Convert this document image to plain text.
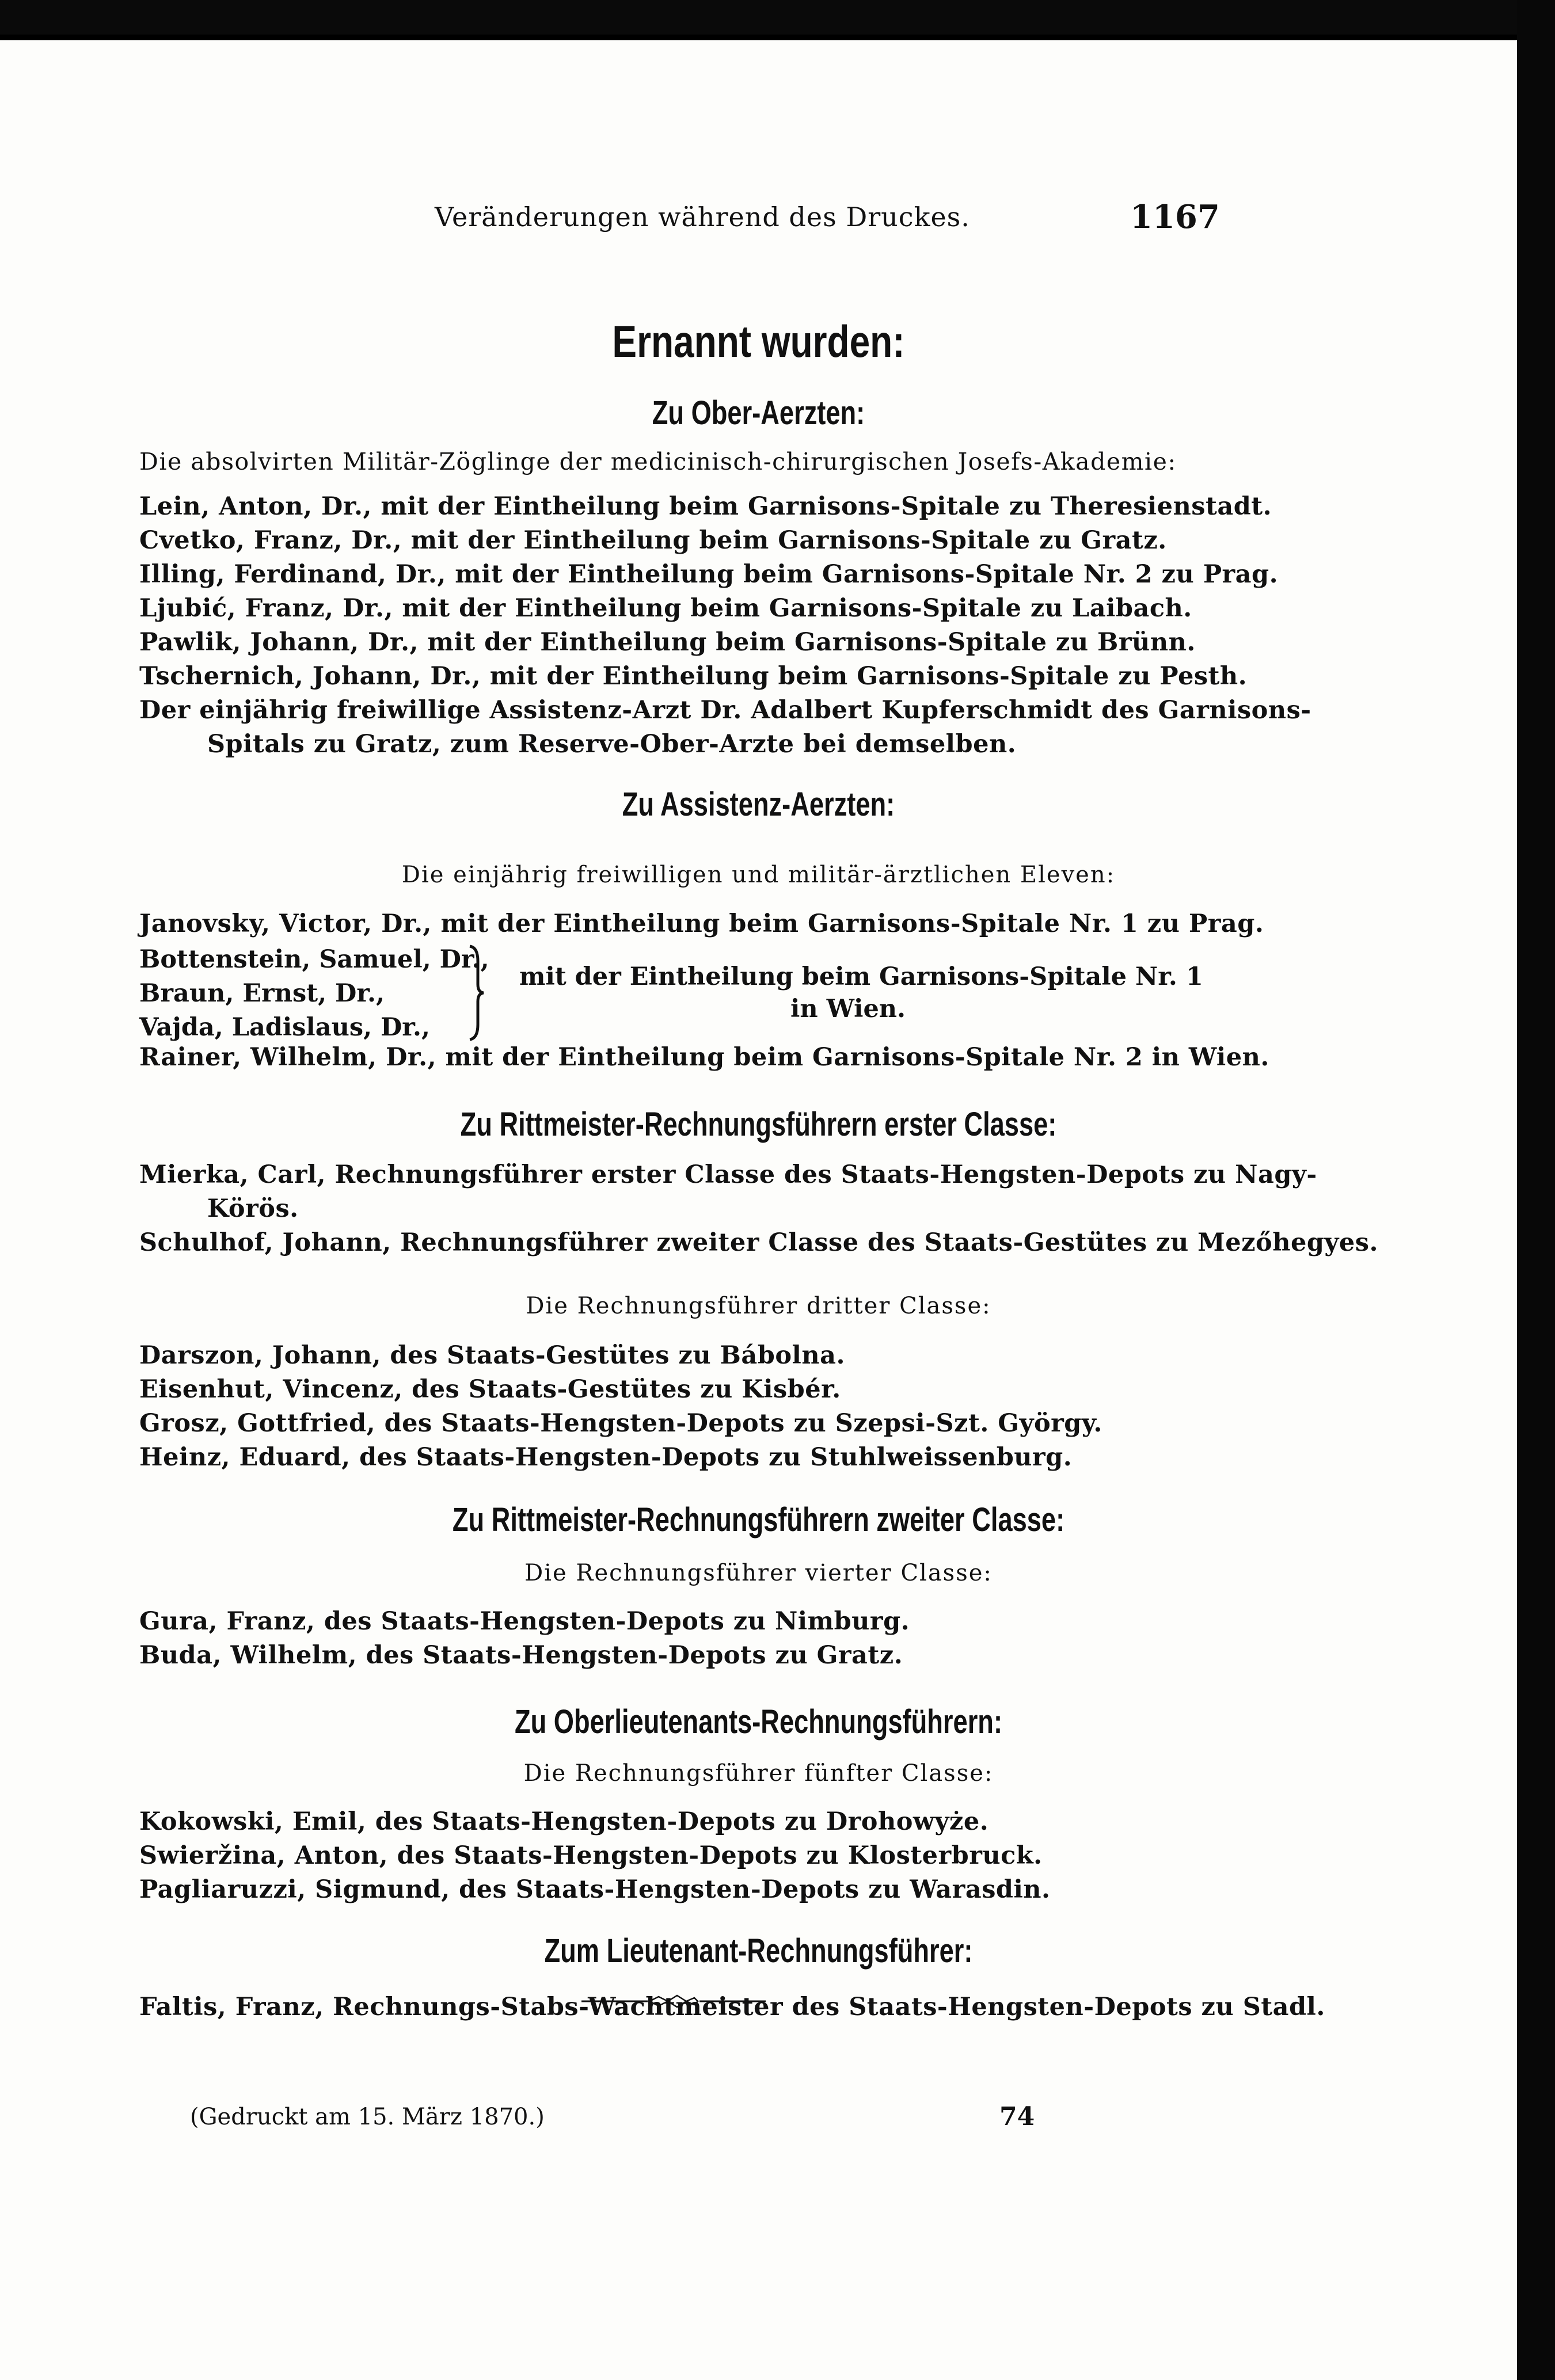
Veränderungen während des Druckes.	1167
Ernannt wurden:
Zu Ober-Aerzten:
Die absolvirten Militär-Zöglinge der medicinisch-chirurgischen Josefs-Akademie:
Lein, Anton, Dr., mit der Eintheilung beim Garnisons-Spitale zu Theresienstadt.
Cvetko, Franz, Dr., mit der Eintheilung beim Garnisons-Spitale zu Gratz.
Illing, Ferdinand, Dr., mit der Eintheilung beim Garnisons-Spitale Nr. 2 zu Prag.
Ljubić, Franz, Dr., mit der Eintheilung beim Garnisons-Spitale zu Laibach.
Pawlik, Johann, Dr., mit der Eintheilung beim Garnisons-Spitale zu Brünn.
Tschernich, Johann, Dr., mit der Eintheilung beim Garnisons-Spitale zu Pesth.
Der einjährig freiwillige Assistenz-Arzt Dr. Adalbert Kupferschmidt des Garnisons-
Spitals zu Gratz, zum Reserve-Ober-Arzte bei demselben.
Zu Assistenz-Aerzten:
Die einjährig freiwilligen und militär-ärztlichen Eleven:
Janovsky, Victor, Dr., mit der Eintheilung beim Garnisons-Spitale Nr. 1 zu Prag.
Bottenstein, Samuel, Dr.,
Braun, Ernst, Dr.,
Vajda, Ladislaus, Dr.,
mit der Eintheilung beim Garnisons-Spitale Nr. 1
in Wien.
Rainer, Wilhelm, Dr., mit der Eintheilung beim Garnisons-Spitale Nr. 2 in Wien.
Zu Rittmeister-Rechnungsführern erster Classe:
Mierka, Carl, Rechnungsführer erster Classe des Staats-Hengsten-Depots zu Nagy-
Körös.
Schulhof, Johann, Rechnungsführer zweiter Classe des Staats-Gestütes zu Mezőhegyes.
Die Rechnungsführer dritter Classe:
Darszon, Johann, des Staats-Gestütes zu Bábolna.
Eisenhut, Vincenz, des Staats-Gestütes zu Kisbér.
Grosz, Gottfried, des Staats-Hengsten-Depots zu Szepsi-Szt. György.
Heinz, Eduard, des Staats-Hengsten-Depots zu Stuhlweissenburg.
Zu Rittmeister-Rechnungsführern zweiter Classe:
Die Rechnungsführer vierter Classe:
Gura, Franz, des Staats-Hengsten-Depots zu Nimburg.
Buda, Wilhelm, des Staats-Hengsten-Depots zu Gratz.
Zu Oberlieutenants-Rechnungsführern:
Die Rechnungsführer fünfter Classe:
Kokowski, Emil, des Staats-Hengsten-Depots zu Drohowyże.
Swieržina, Anton, des Staats-Hengsten-Depots zu Klosterbruck.
Pagliaruzzi, Sigmund, des Staats-Hengsten-Depots zu Warasdin.
Zum Lieutenant-Rechnungsführer:
Faltis, Franz, Rechnungs-Stabs-Wachtmeister des Staats-Hengsten-Depots zu Stadl.
(Gedruckt am 15. März 1870.)	74
